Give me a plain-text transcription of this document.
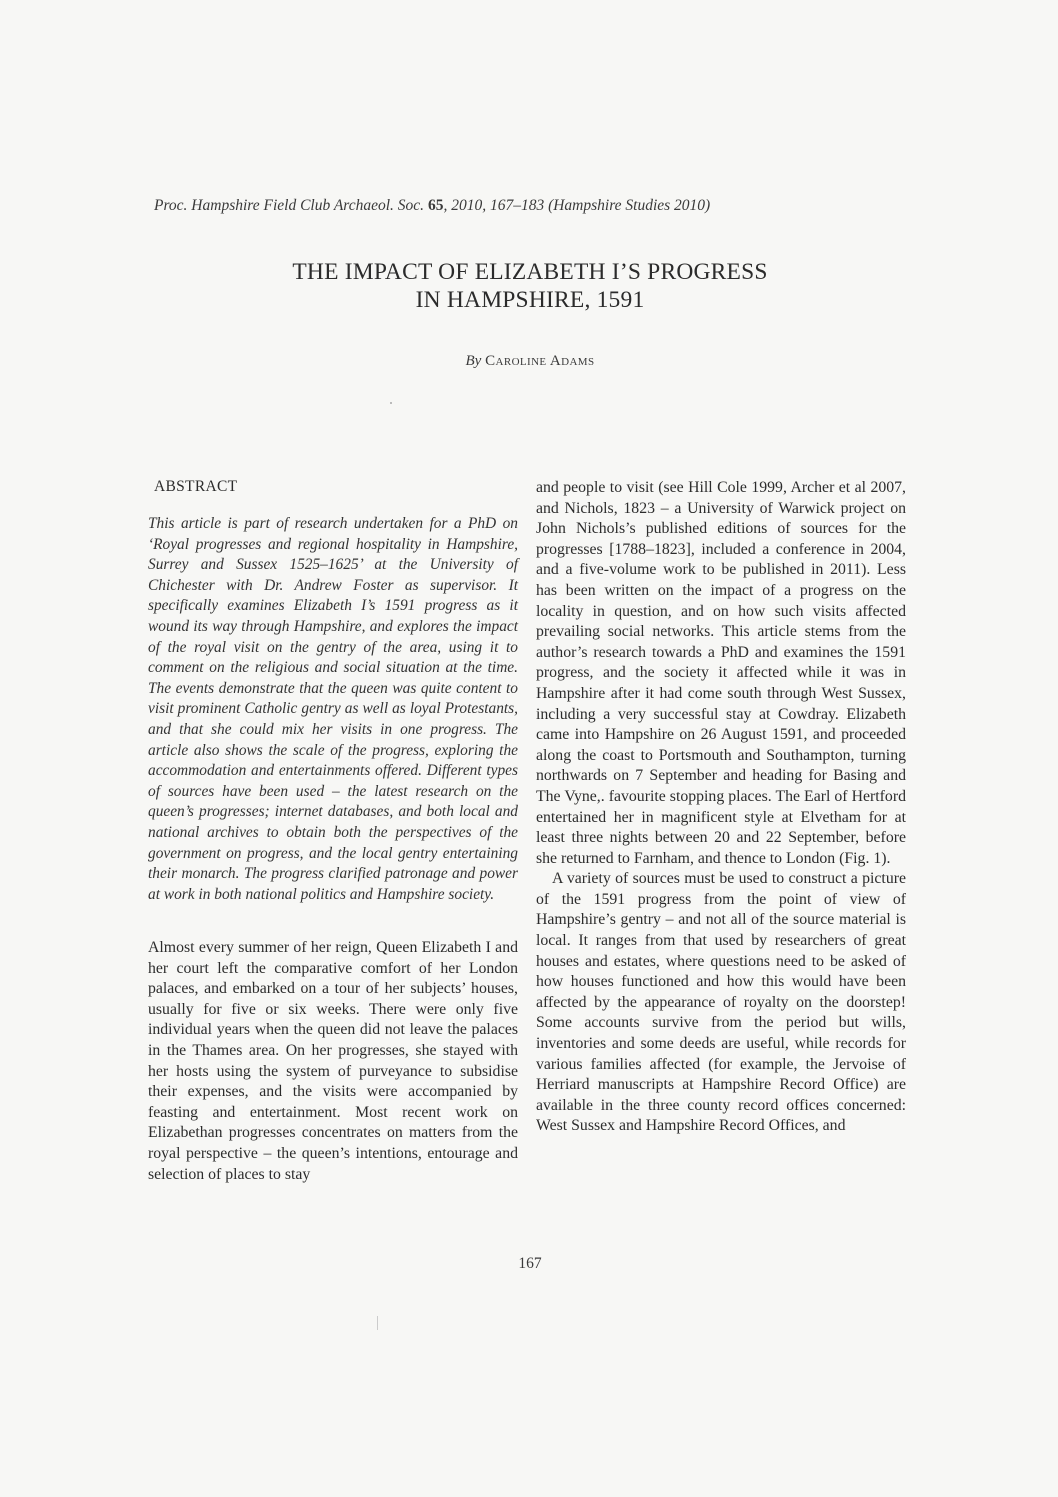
Proc. Hampshire Field Club Archaeol. Soc. 65, 2010, 167–183 (Hampshire Studies 2010)
THE IMPACT OF ELIZABETH I’S PROGRESS
IN HAMPSHIRE, 1591
By Caroline Adams
ABSTRACT

This article is part of research undertaken for a PhD on ‘Royal progresses and regional hospitality in Hampshire, Surrey and Sussex 1525–1625’ at the University of Chichester with Dr. Andrew Foster as supervisor. It specifically examines Elizabeth I’s 1591 progress as it wound its way through Hampshire, and explores the impact of the royal visit on the gentry of the area, using it to comment on the religious and social situation at the time. The events demonstrate that the queen was quite content to visit prominent Catholic gentry as well as loyal Protestants, and that she could mix her visits in one progress. The article also shows the scale of the progress, exploring the accommodation and entertainments offered. Different types of sources have been used – the latest research on the queen’s progresses; internet databases, and both local and national archives to obtain both the perspectives of the government on progress, and the local gentry entertaining their monarch. The progress clarified patronage and power at work in both national politics and Hampshire society.

Almost every summer of her reign, Queen Elizabeth I and her court left the comparative comfort of her London palaces, and embarked on a tour of her subjects’ houses, usually for five or six weeks. There were only five individual years when the queen did not leave the palaces in the Thames area. On her progresses, she stayed with her hosts using the system of purveyance to subsidise their expenses, and the visits were accompanied by feasting and entertainment. Most recent work on Elizabethan progresses concentrates on matters from the royal perspective – the queen’s intentions, entourage and selection of places to stay

and people to visit (see Hill Cole 1999, Archer et al 2007, and Nichols, 1823 – a University of Warwick project on John Nichols’s published editions of sources for the progresses [1788–1823], included a conference in 2004, and a five-volume work to be published in 2011). Less has been written on the impact of a progress on the locality in question, and on how such visits affected prevailing social networks. This article stems from the author’s research towards a PhD and examines the 1591 progress, and the society it affected while it was in Hampshire after it had come south through West Sussex, including a very successful stay at Cowdray. Elizabeth came into Hampshire on 26 August 1591, and proceeded along the coast to Portsmouth and Southampton, turning northwards on 7 September and heading for Basing and The Vyne,. favourite stopping places. The Earl of Hertford entertained her in magnificent style at Elvetham for at least three nights between 20 and 22 September, before she returned to Farnham, and thence to London (Fig. 1).

A variety of sources must be used to construct a picture of the 1591 progress from the point of view of Hampshire’s gentry – and not all of the source material is local. It ranges from that used by researchers of great houses and estates, where questions need to be asked of how houses functioned and how this would have been affected by the appearance of royalty on the doorstep! Some accounts survive from the period but wills, inventories and some deeds are useful, while records for various families affected (for example, the Jervoise of Herriard manuscripts at Hampshire Record Office) are available in the three county record offices concerned: West Sussex and Hampshire Record Offices, and

167
